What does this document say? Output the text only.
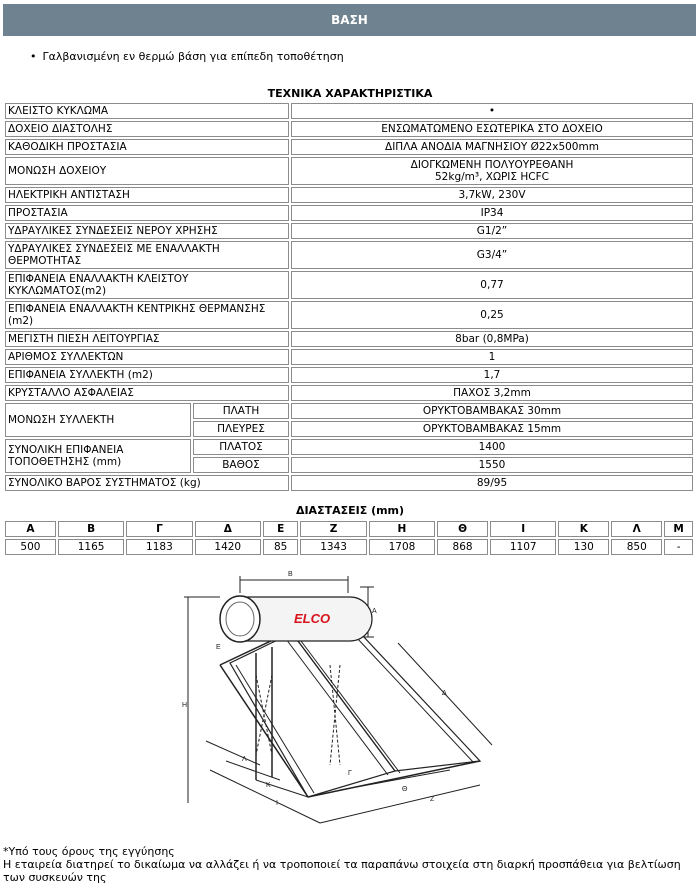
ΒΑΣΗ
• Γαλβανισμένη εν θερμώ βάση για επίπεδη τοποθέτηση
ΤΕΧΝΙΚΑ ΧΑΡΑΚΤΗΡΙΣΤΙΚΑ
ΚΛΕΙΣΤΟ ΚΥΚΛΩΜΑ		•
ΔΟΧΕΙΟ ΔΙΑΣΤΟΛΗΣ		ΕΝΣΩΜΑΤΩΜΕΝΟ ΕΣΩΤΕΡΙΚΑ ΣΤΟ ΔΟΧΕΙΟ
ΚΑΘΟΔΙΚΗ ΠΡΟΣΤΑΣΙΑ		ΔΙΠΛΑ ΑΝΟΔΙΑ ΜΑΓΝΗΣΙΟΥ Ø22x500mm
ΜΟΝΩΣΗ ΔΟΧΕΙΟΥ		ΔΙΟΓΚΩΜΕΝΗ ΠΟΛΥΟΥΡΕΘΑΝΗ
52kg/m³, ΧΩΡΙΣ HCFC
ΗΛΕΚΤΡΙΚΗ ΑΝΤΙΣΤΑΣΗ		3,7kW, 230V
ΠΡΟΣΤΑΣΙΑ		IP34
ΥΔΡΑΥΛΙΚΕΣ ΣΥΝΔΕΣΕΙΣ ΝΕΡΟΥ ΧΡΗΣΗΣ		G1/2”
ΥΔΡΑΥΛΙΚΕΣ ΣΥΝΔΕΣΕΙΣ ΜΕ ΕΝΑΛΛΑΚΤΗ
ΘΕΡΜΟΤΗΤΑΣ		G3/4”
ΕΠΙΦΑΝΕΙΑ ΕΝΑΛΛΑΚΤΗ ΚΛΕΙΣΤΟΥ
ΚΥΚΛΩΜΑΤΟΣ(m2)		0,77
ΕΠΙΦΑΝΕΙΑ ΕΝΑΛΛΑΚΤΗ ΚΕΝΤΡΙΚΗΣ ΘΕΡΜΑΝΣΗΣ
(m2)		0,25
ΜΕΓΙΣΤΗ ΠΙΕΣΗ ΛΕΙΤΟΥΡΓΙΑΣ		8bar (0,8MPa)
ΑΡΙΘΜΟΣ ΣΥΛΛΕΚΤΩΝ		1
ΕΠΙΦΑΝΕΙΑ ΣΥΛΛΕΚΤΗ (m2)		1,7
ΚΡΥΣΤΑΛΛΟ ΑΣΦΑΛΕΙΑΣ		ΠΑΧΟΣ 3,2mm
ΜΟΝΩΣΗ ΣΥΛΛΕΚΤΗ	ΠΛΑΤΗ	ΟΡΥΚΤΟΒΑΜΒΑΚΑΣ 30mm
	ΠΛΕΥΡΕΣ	ΟΡΥΚΤΟΒΑΜΒΑΚΑΣ 15mm
ΣΥΝΟΛΙΚΗ ΕΠΙΦΑΝΕΙΑ
ΤΟΠΟΘΕΤΗΣΗΣ (mm)	ΠΛΑΤΟΣ	1400
	ΒΑΘΟΣ	1550
ΣΥΝΟΛΙΚΟ ΒΑΡΟΣ ΣΥΣΤΗΜΑΤΟΣ (kg)		89/95
ΔΙΑΣΤΑΣΕΙΣ (mm)
Α	Β	Γ	Δ	Ε	Ζ	Η	Θ	Ι	Κ	Λ	Μ
500	1165	1183	1420	85	1343	1708	868	1107	130	850	-
ELCO
B
A
H
E
Δ
Λ
Γ
K
I
Θ
Z
*Υπό τους όρους της εγγύησης
Η εταιρεία διατηρεί το δικαίωμα να αλλάζει ή να τροποποιεί τα παραπάνω στοιχεία στη διαρκή προσπάθεια για βελτίωση των συσκευών της
